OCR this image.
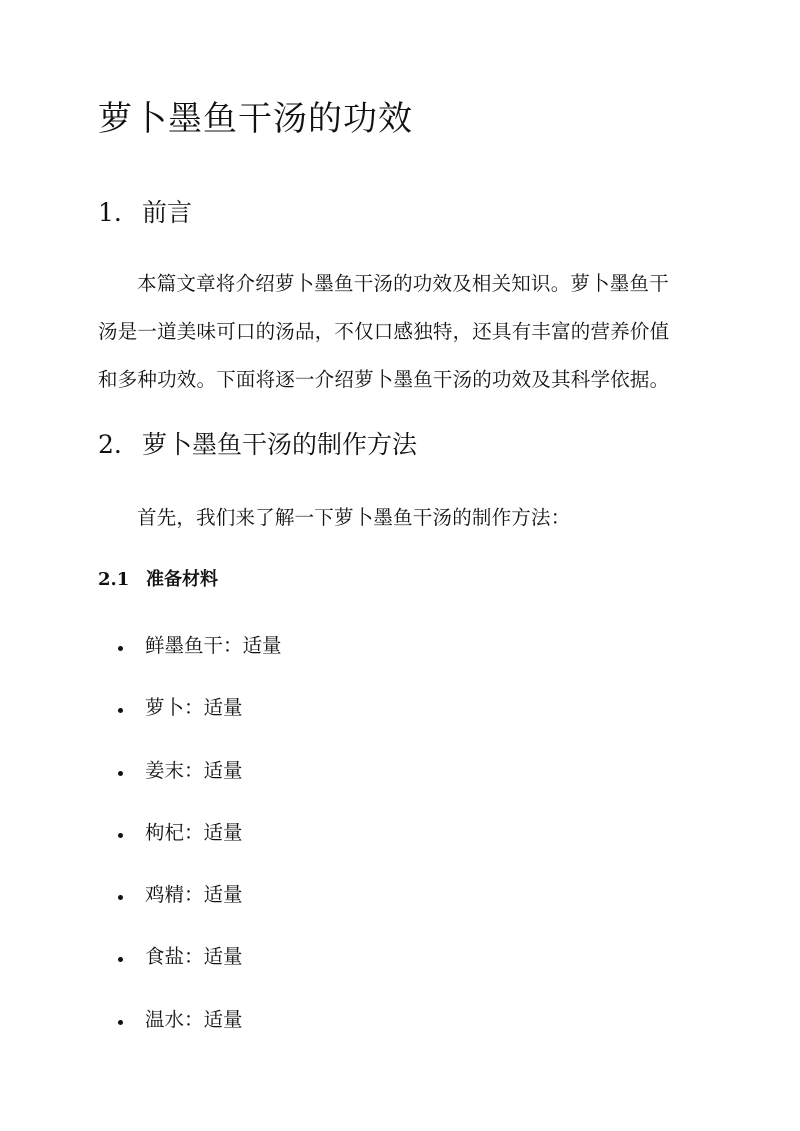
萝卜墨鱼干汤的功效
1. 前言
本篇文章将介绍萝卜墨鱼干汤的功效及相关知识。萝卜墨鱼干
汤是一道美味可口的汤品，不仅口感独特，还具有丰富的营养价值
和多种功效。下面将逐一介绍萝卜墨鱼干汤的功效及其科学依据。
2. 萝卜墨鱼干汤的制作方法
首先，我们来了解一下萝卜墨鱼干汤的制作方法：
2.1 准备材料
鲜墨鱼干：适量
萝卜：适量
姜末：适量
枸杞：适量
鸡精：适量
食盐：适量
温水：适量
